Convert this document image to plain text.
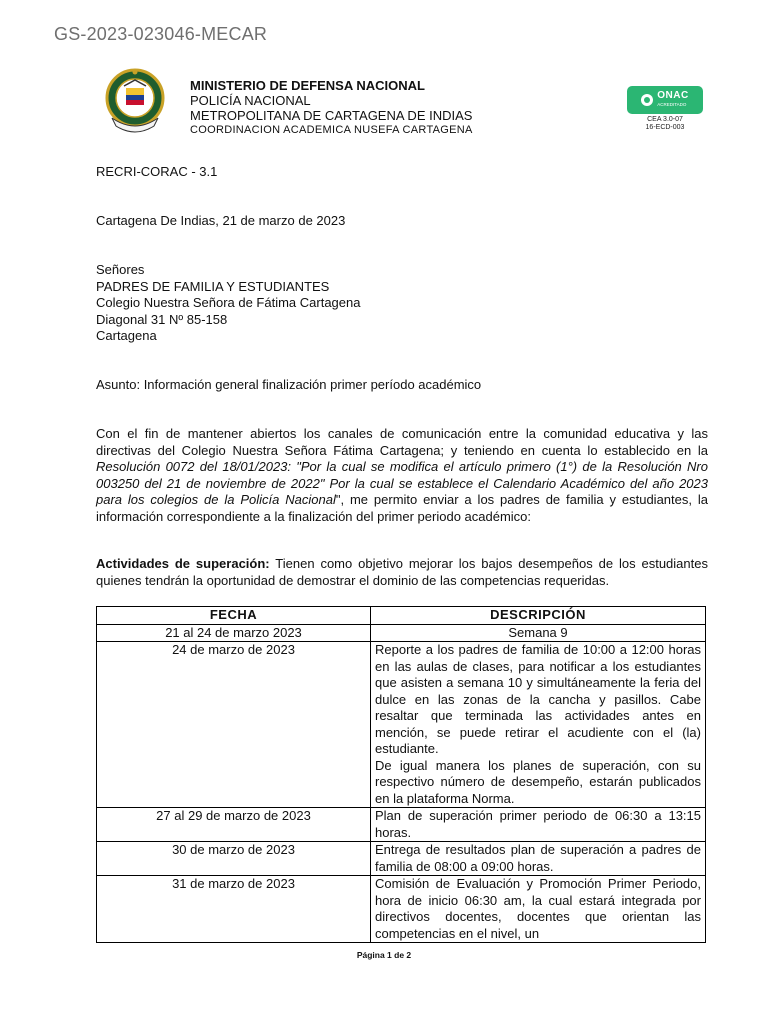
GS-2023-023046-MECAR
MINISTERIO DE DEFENSA NACIONAL
POLICÍA NACIONAL
METROPOLITANA DE CARTAGENA DE INDIAS
COORDINACION ACADEMICA NUSEFA CARTAGENA
ONAC
ACREDITADO
CEA 3.0-07
16-ECD-003
RECRI-CORAC - 3.1
Cartagena De Indias, 21 de marzo de 2023
Señores
PADRES DE FAMILIA Y ESTUDIANTES
Colegio Nuestra Señora de Fátima Cartagena
Diagonal 31 Nº 85-158
Cartagena
Asunto: Información general finalización primer período académico
Con el fin de mantener abiertos los canales de comunicación entre la comunidad educativa y las directivas del Colegio Nuestra Señora Fátima Cartagena; y teniendo en cuenta lo establecido en la Resolución 0072 del 18/01/2023: "Por la cual se modifica el artículo primero (1°) de la Resolución Nro 003250 del 21 de noviembre de 2022" Por la cual se establece el Calendario Académico del año 2023 para los colegios de la Policía Nacional", me permito enviar a los padres de familia y estudiantes, la información correspondiente a la finalización del primer periodo académico:
Actividades de superación: Tienen como objetivo mejorar los bajos desempeños de los estudiantes quienes tendrán la oportunidad de demostrar el dominio de las competencias requeridas.
FECHA	DESCRIPCIÓN
21 al 24 de marzo 2023	Semana 9
24 de marzo de 2023	Reporte a los padres de familia de 10:00 a 12:00 horas en las aulas de clases, para notificar a los estudiantes que asisten a semana 10 y simultáneamente la feria del dulce en las zonas de la cancha y pasillos. Cabe resaltar que terminada las actividades antes en mención, se puede retirar el acudiente con el (la) estudiante.
De igual manera los planes de superación, con su respectivo número de desempeño, estarán publicados en la plataforma Norma.

27 al 29 de marzo de 2023	Plan de superación primer periodo de 06:30 a 13:15 horas.
30 de marzo de 2023	Entrega de resultados plan de superación a padres de familia de 08:00 a 09:00 horas.
31 de marzo de 2023	Comisión de Evaluación y Promoción Primer Periodo, hora de inicio 06:30 am, la cual estará integrada por directivos docentes, docentes que orientan las competencias en el nivel, un
Página 1 de 2
